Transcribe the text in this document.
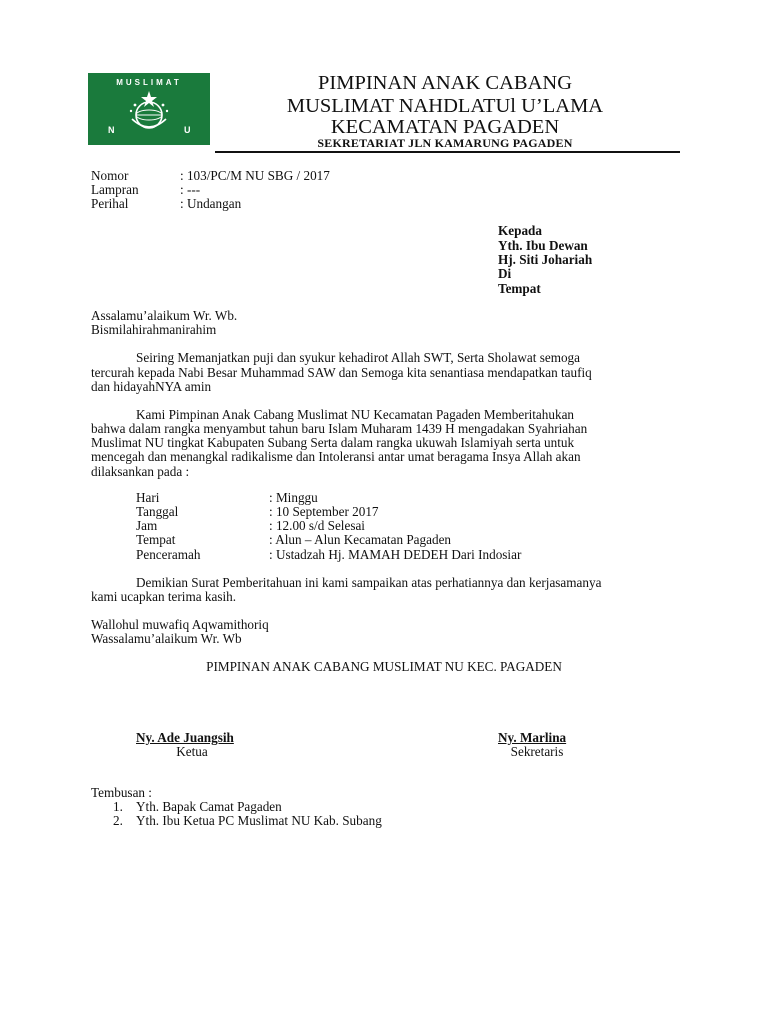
MUSLIMAT
N	U
PIMPINAN ANAK CABANG
MUSLIMAT NAHDLATUl U’LAMA
KECAMATAN PAGADEN
SEKRETARIAT JLN KAMARUNG PAGADEN
Nomor	: 103/PC/M NU SBG / 2017
Lampran	: ---
Perihal	: Undangan
Kepada
Yth. Ibu Dewan
Hj. Siti Johariah
Di
Tempat
Assalamu’alaikum Wr. Wb.
Bismilahirahmanirahim
Seiring Memanjatkan puji dan syukur kehadirot Allah SWT, Serta Sholawat semoga
tercurah kepada Nabi Besar Muhammad SAW dan Semoga kita senantiasa mendapatkan taufiq
dan hidayahNYA amin
Kami Pimpinan Anak Cabang Muslimat NU Kecamatan Pagaden Memberitahukan
bahwa dalam rangka menyambut tahun baru Islam Muharam 1439 H mengadakan Syahriahan
Muslimat NU tingkat Kabupaten Subang Serta dalam rangka ukuwah Islamiyah serta untuk
mencegah dan menangkal radikalisme dan Intoleransi antar umat beragama Insya Allah akan
dilaksankan pada :
Hari	: Minggu
Tanggal	: 10 September 2017
Jam	: 12.00 s/d Selesai
Tempat	: Alun – Alun Kecamatan Pagaden
Penceramah	: Ustadzah Hj. MAMAH DEDEH Dari Indosiar
Demikian Surat Pemberitahuan ini kami sampaikan atas perhatiannya dan kerjasamanya
kami ucapkan terima kasih.
Wallohul muwafiq Aqwamithoriq
Wassalamu’alaikum Wr. Wb
PIMPINAN ANAK CABANG MUSLIMAT NU KEC. PAGADEN
Ny. Ade Juangsih
Ketua
Ny. Marlina
Sekretaris
Tembusan :
1. Yth. Bapak Camat Pagaden
2. Yth. Ibu Ketua PC Muslimat NU Kab. Subang
